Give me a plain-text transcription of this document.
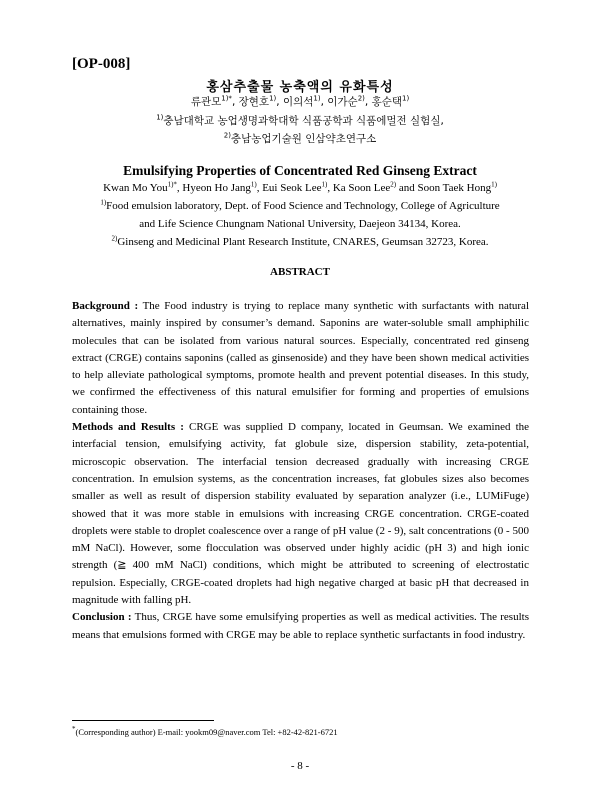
[OP-008]
홍삼추출물 농축액의 유화특성
류관모$^{1)*}$, 장현호$^{1)}$, 이의석$^{1)}$, 이가순$^{2)}$, 홍순택$^{1)}$
$^{1)}$충남대학교 농업생명과학대학 식품공학과 식품에멀전 실험실,
$^{2)}$충남농업기술원 인삼약초연구소
Emulsifying Properties of Concentrated Red Ginseng Extract
Kwan Mo You$^{1)*}$, Hyeon Ho Jang$^{1)}$, Eui Seok Lee$^{1)}$, Ka Soon Lee$^{2)}$ and Soon Taek Hong$^{1)}$
$^{1)}$Food emulsion laboratory, Dept. of Food Science and Technology, College of Agriculture
and Life Science Chungnam National University, Daejeon 34134, Korea.
$^{2)}$Ginseng and Medicinal Plant Research Institute, CNARES, Geumsan 32723, Korea.
ABSTRACT

Background : The Food industry is trying to replace many synthetic with surfactants with natural alternatives, mainly inspired by consumer’s demand. Saponins are water-soluble small amphiphilic molecules that can be isolated from various natural sources. Especially, concentrated red ginseng extract (CRGE) contains saponins (called as ginsenoside) and they have been shown medical activities to help alleviate pathological symptoms, promote health and prevent potential diseases. In this study, we confirmed the effectiveness of this natural emulsifier for forming and properties of emulsions containing those.

Methods and Results : CRGE was supplied D company, located in Geumsan. We examined the interfacial tension, emulsifying activity, fat globule size, dispersion stability, zeta-potential, microscopic observation. The interfacial tension decreased gradually with increasing CRGE concentration. In emulsion systems, as the concentration increases, fat globules sizes also becomes smaller as well as result of dispersion stability evaluated by separation analyzer (i.e., LUMiFuge) showed that it was more stable in emulsions with increasing CRGE concentration. CRGE-coated droplets were stable to droplet coalescence over a range of pH value (2 - 9), salt concentrations (0 - 500 mM NaCl). However, some flocculation was observed under highly acidic (pH 3) and high ionic strength (≧ 400 mM NaCl) conditions, which might be attributed to screening of electrostatic repulsion. Especially, CRGE-coated droplets had high negative charged at basic pH that decreased in magnitude with falling pH.

Conclusion : Thus, CRGE have some emulsifying properties as well as medical activities. The results means that emulsions formed with CRGE may be able to replace synthetic surfactants in food industry.

*(Corresponding author) E-mail: yookm09@naver.com Tel: +82-42-821-6721
- 8 -
